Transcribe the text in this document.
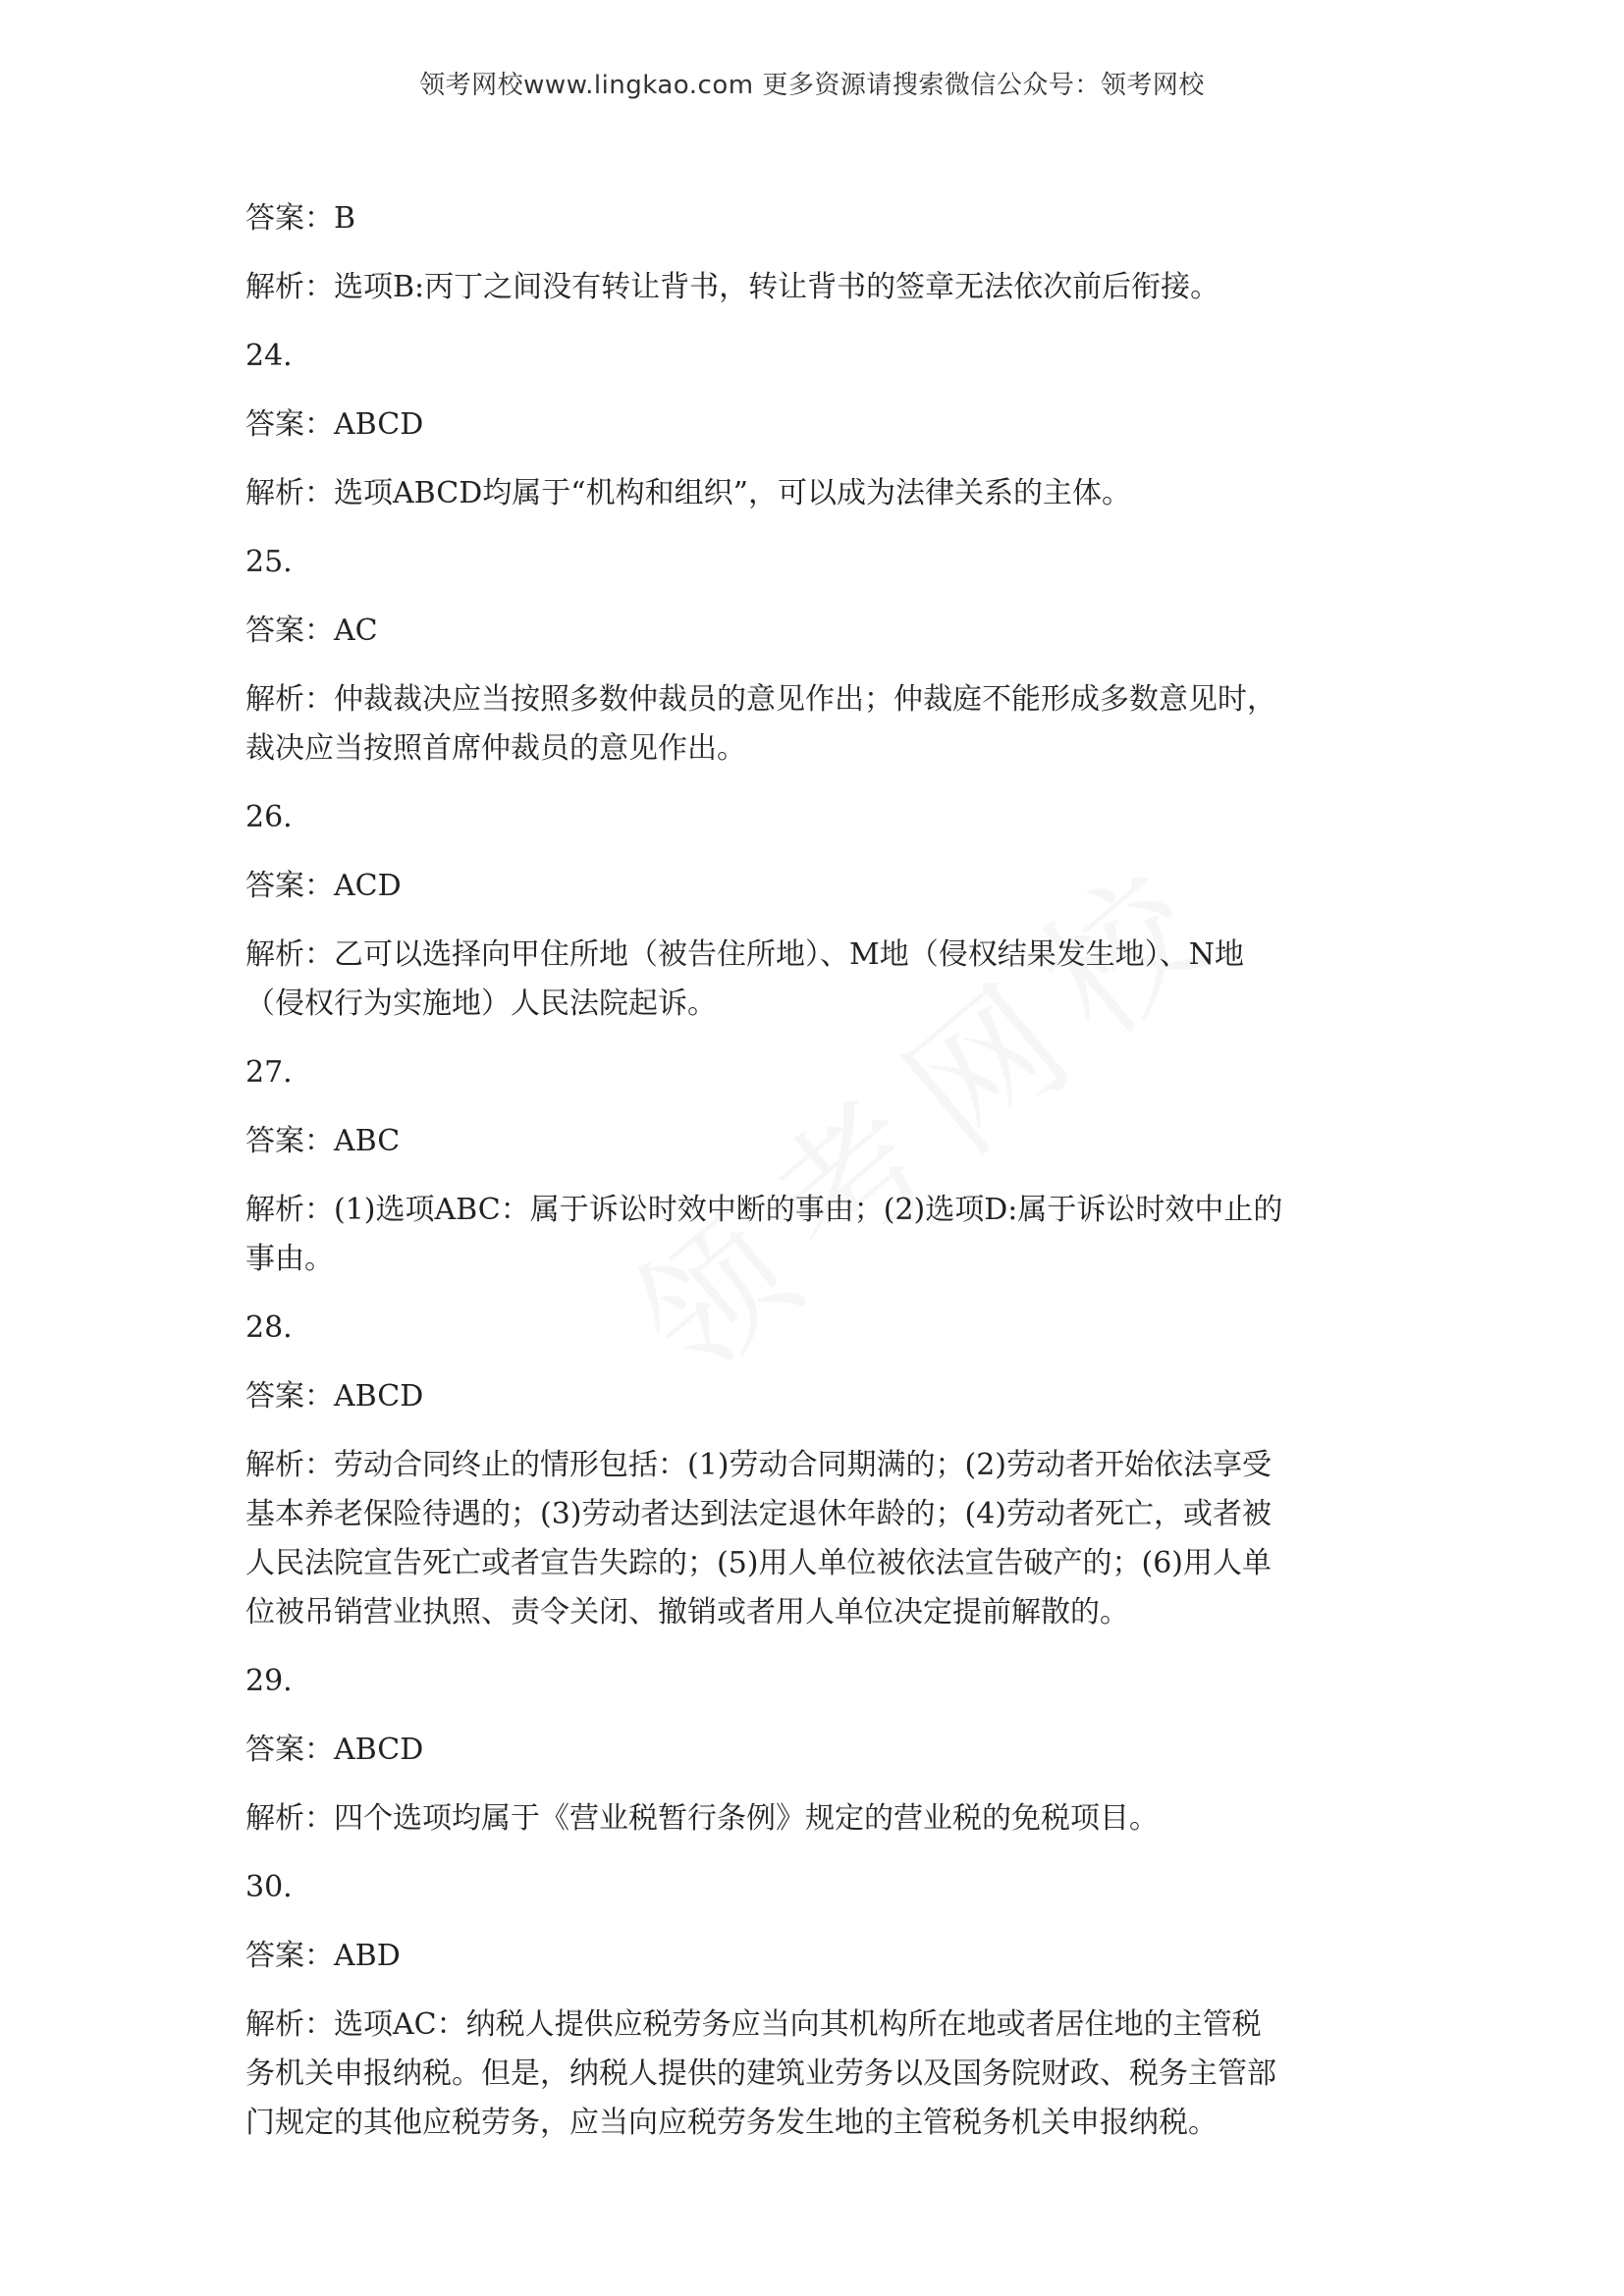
领考网校www.lingkao.com 更多资源请搜索微信公众号：领考网校

答案：B

解析：选项B:丙丁之间没有转让背书，转让背书的签章无法依次前后衔接。

24.

答案：ABCD

解析：选项ABCD均属于“机构和组织”，可以成为法律关系的主体。

25.

答案：AC

解析：仲裁裁决应当按照多数仲裁员的意见作出；仲裁庭不能形成多数意见时，
裁决应当按照首席仲裁员的意见作出。

26.

答案：ACD

解析：乙可以选择向甲住所地（被告住所地）、M地（侵权结果发生地）、N地
（侵权行为实施地）人民法院起诉。

27.

答案：ABC

解析：(1)选项ABC：属于诉讼时效中断的事由；(2)选项D:属于诉讼时效中止的
事由。

28.

答案：ABCD

解析：劳动合同终止的情形包括：(1)劳动合同期满的；(2)劳动者开始依法享受
基本养老保险待遇的；(3)劳动者达到法定退休年龄的；(4)劳动者死亡，或者被
人民法院宣告死亡或者宣告失踪的；(5)用人单位被依法宣告破产的；(6)用人单
位被吊销营业执照、责令关闭、撤销或者用人单位决定提前解散的。

29.

答案：ABCD

解析：四个选项均属于《营业税暂行条例》规定的营业税的免税项目。

30.

答案：ABD

解析：选项AC：纳税人提供应税劳务应当向其机构所在地或者居住地的主管税
务机关申报纳税。但是，纳税人提供的建筑业劳务以及国务院财政、税务主管部
门规定的其他应税劳务，应当向应税劳务发生地的主管税务机关申报纳税。
